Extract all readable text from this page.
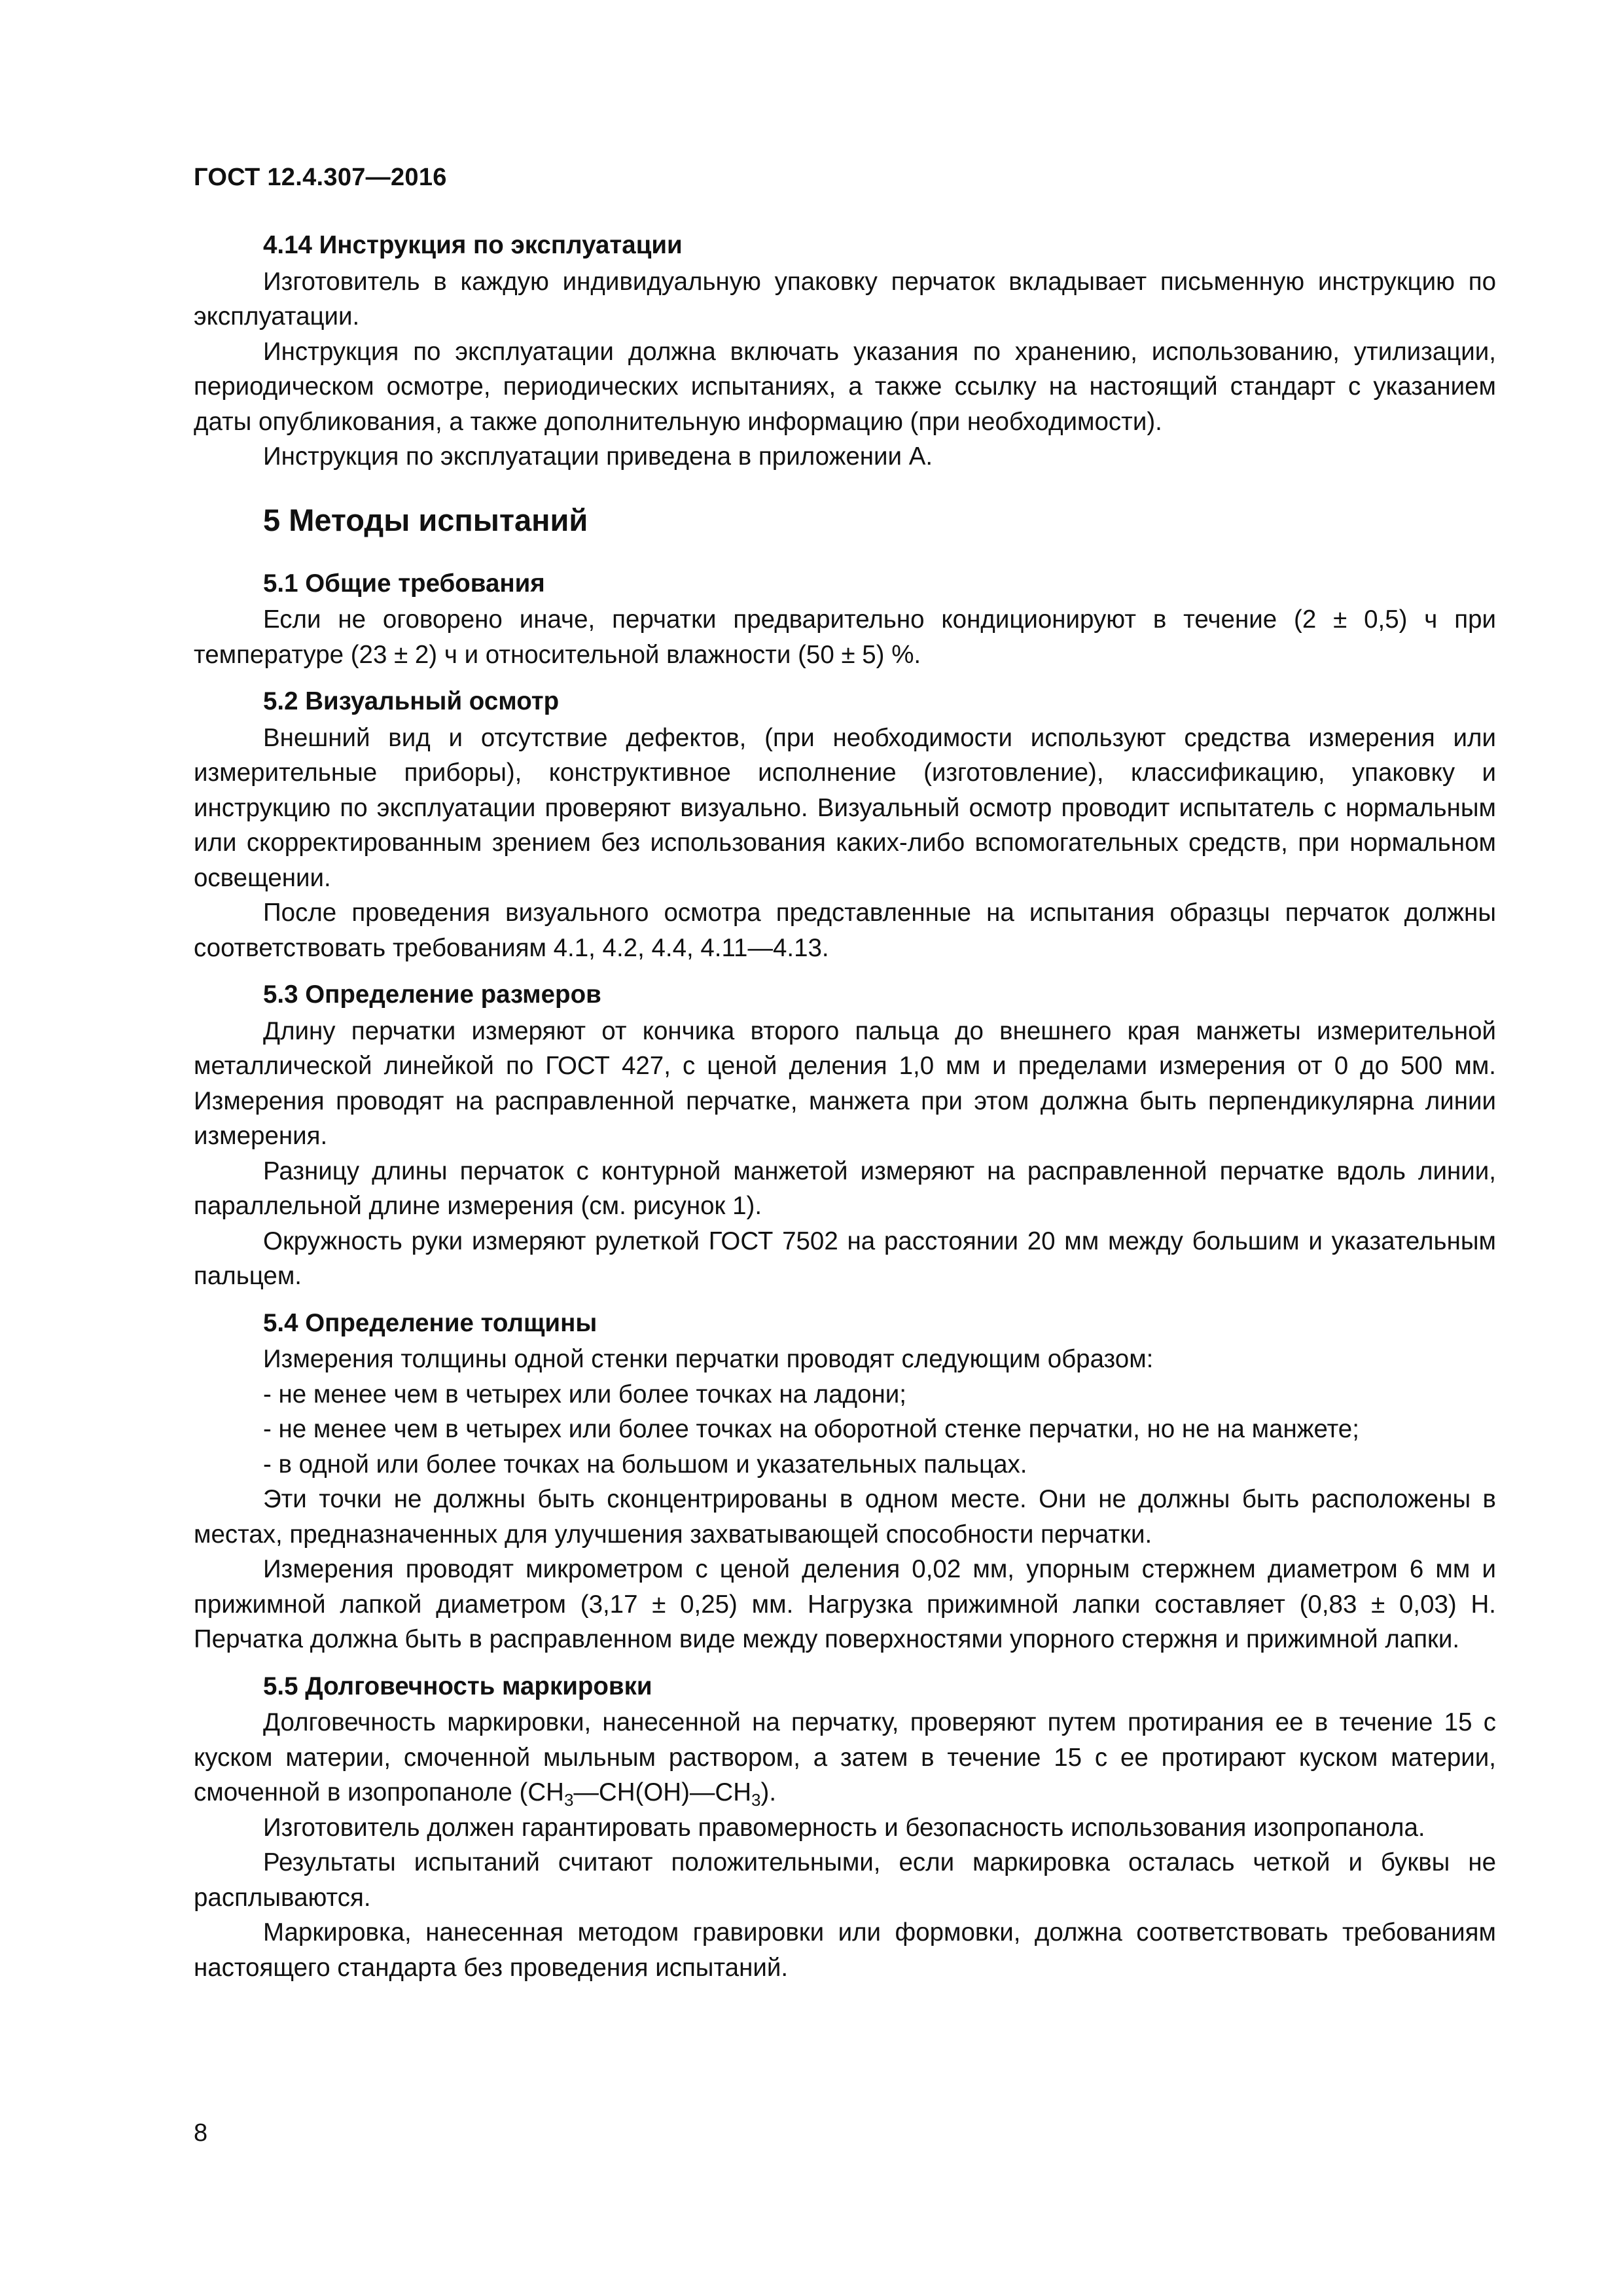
ГОСТ 12.4.307—2016

4.14 Инструкция по эксплуатации

Изготовитель в каждую индивидуальную упаковку перчаток вкладывает письменную инструкцию по эксплуатации.

Инструкция по эксплуатации должна включать указания по хранению, использованию, утилизации, периодическом осмотре, периодических испытаниях, а также ссылку на настоящий стандарт с указанием даты опубликования, а также дополнительную информацию (при необходимости).

Инструкция по эксплуатации приведена в приложении А.

5 Методы испытаний

5.1 Общие требования

Если не оговорено иначе, перчатки предварительно кондиционируют в течение (2 ± 0,5) ч при температуре (23 ± 2) ч и относительной влажности (50 ± 5) %.

5.2 Визуальный осмотр

Внешний вид и отсутствие дефектов, (при необходимости используют средства измерения или измерительные приборы), конструктивное исполнение (изготовление), классификацию, упаковку и инструкцию по эксплуатации проверяют визуально. Визуальный осмотр проводит испытатель с нормальным или скорректированным зрением без использования каких-либо вспомогательных средств, при нормальном освещении.

После проведения визуального осмотра представленные на испытания образцы перчаток должны соответствовать требованиям 4.1, 4.2, 4.4, 4.11—4.13.

5.3 Определение размеров

Длину перчатки измеряют от кончика второго пальца до внешнего края манжеты измерительной металлической линейкой по ГОСТ 427, с ценой деления 1,0 мм и пределами измерения от 0 до 500 мм. Измерения проводят на расправленной перчатке, манжета при этом должна быть перпендикулярна линии измерения.

Разницу длины перчаток с контурной манжетой измеряют на расправленной перчатке вдоль линии, параллельной длине измерения (см. рисунок 1).

Окружность руки измеряют рулеткой ГОСТ 7502 на расстоянии 20 мм между большим и указательным пальцем.

5.4 Определение толщины

Измерения толщины одной стенки перчатки проводят следующим образом:

- не менее чем в четырех или более точках на ладони;

- не менее чем в четырех или более точках на оборотной стенке перчатки, но не на манжете;

- в одной или более точках на большом и указательных пальцах.

Эти точки не должны быть сконцентрированы в одном месте. Они не должны быть расположены в местах, предназначенных для улучшения захватывающей способности перчатки.

Измерения проводят микрометром с ценой деления 0,02 мм, упорным стержнем диаметром 6 мм и прижимной лапкой диаметром (3,17 ± 0,25) мм. Нагрузка прижимной лапки составляет (0,83 ± 0,03) Н. Перчатка должна быть в расправленном виде между поверхностями упорного стержня и прижимной лапки.

5.5 Долговечность маркировки

Долговечность маркировки, нанесенной на перчатку, проверяют путем протирания ее в течение 15 с куском материи, смоченной мыльным раствором, а затем в течение 15 с ее протирают куском материи, смоченной в изопропаноле $(CH_3—CH(OH)—CH_3)$.

Изготовитель должен гарантировать правомерность и безопасность использования изопропанола.

Результаты испытаний считают положительными, если маркировка осталась четкой и буквы не расплываются.

Маркировка, нанесенная методом гравировки или формовки, должна соответствовать требованиям настоящего стандарта без проведения испытаний.

8
